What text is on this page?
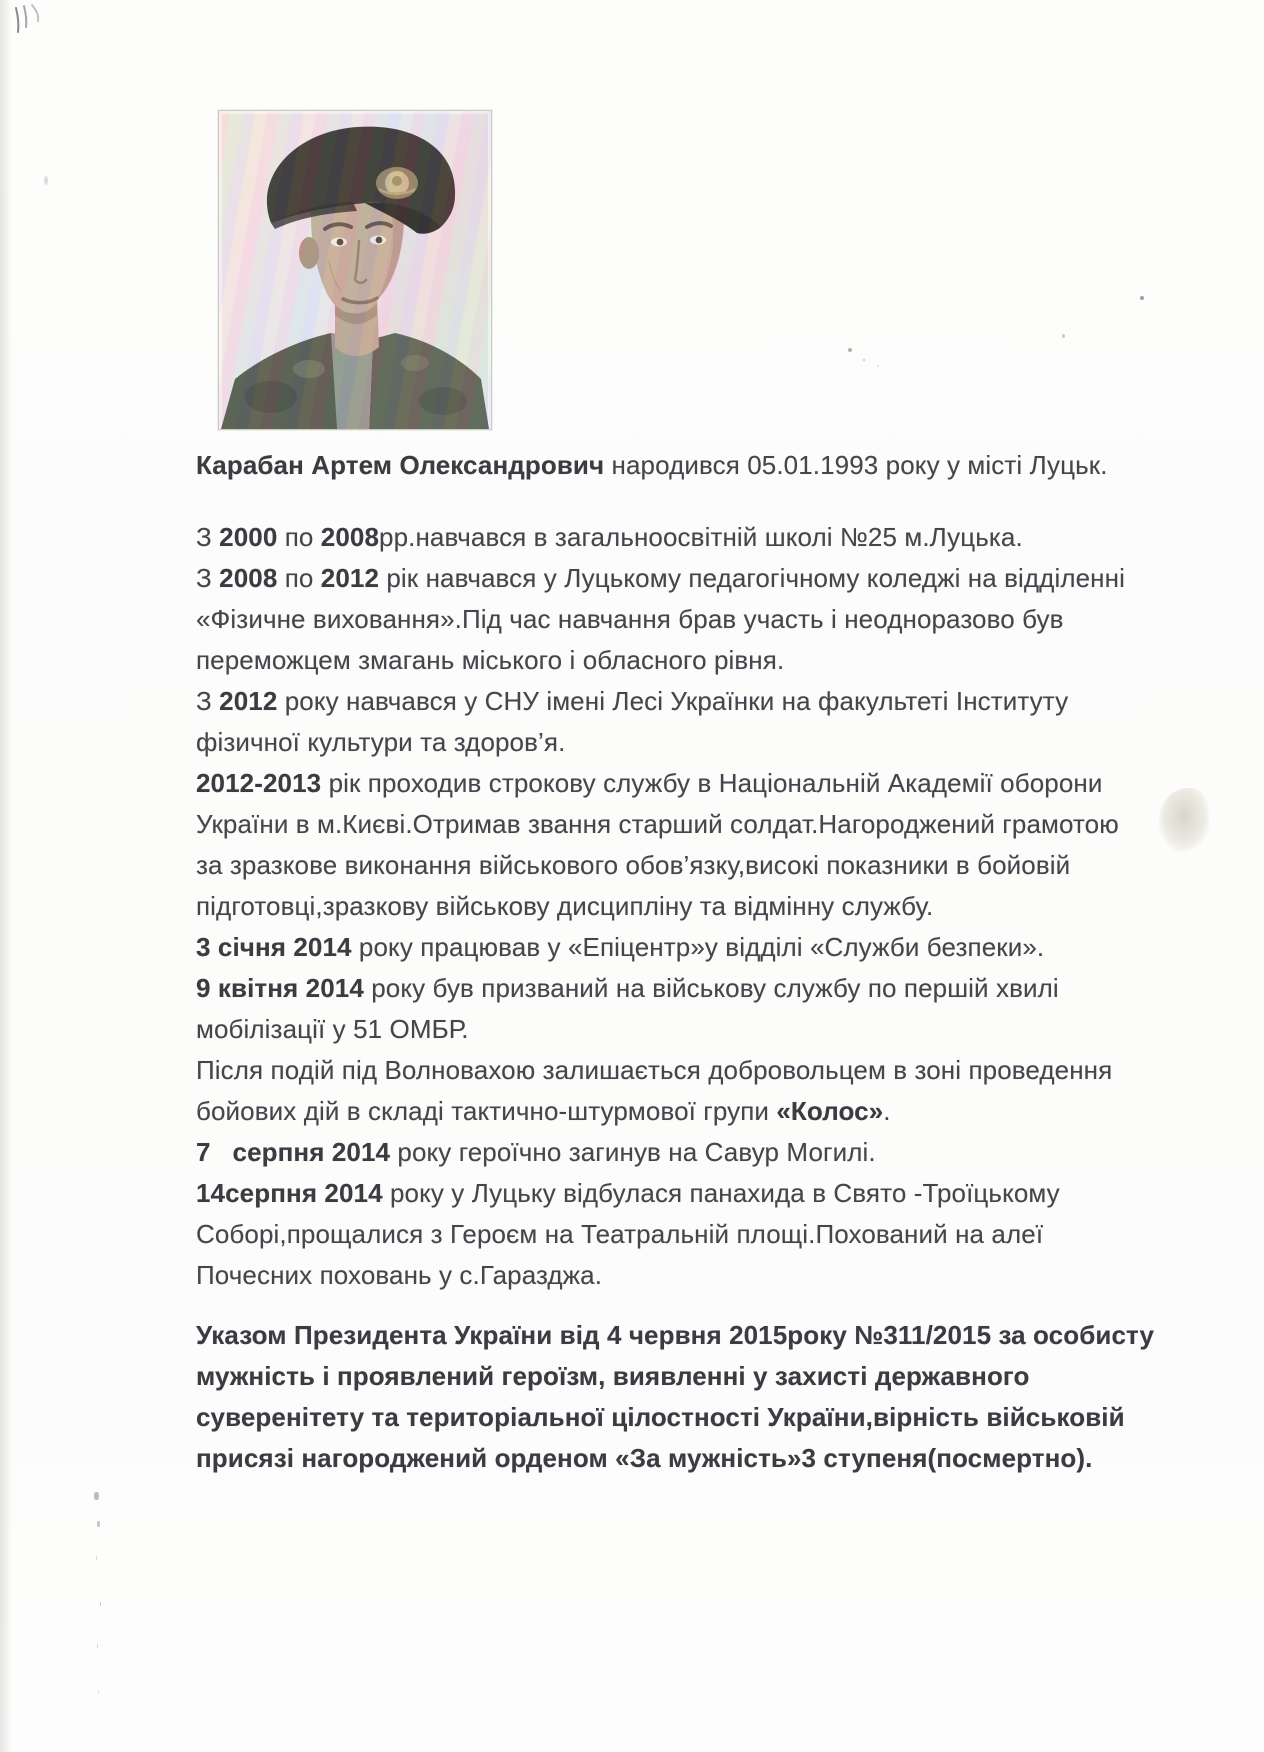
Карабан Артем Олександрович народився 05.01.1993 року у місті Луцьк.
З 2000 по 2008рр.навчався в загальноосвітній школі №25 м.Луцька.
З 2008 по 2012 рік навчався у Луцькому педагогічному коледжі на відділенні
«Фізичне виховання».Під час навчання брав участь і неодноразово був
переможцем змагань міського і обласного рівня.
З 2012 року навчався у СНУ імені Лесі Українки на факультеті Інституту
фізичної культури та здоров’я.
2012-2013 рік проходив строкову службу в Національній Академії оборони
України в м.Києві.Отримав звання старший солдат.Нагороджений грамотою
за зразкове виконання військового обов’язку,високі показники в бойовій
підготовці,зразкову військову дисципліну та відмінну службу.
3 січня 2014 року працював у «Епіцентр»у відділі «Служби безпеки».
9 квітня 2014 року був призваний на військову службу по першій хвилі
мобілізації у 51 ОМБР.
Після подій під Волновахою залишається добровольцем в зоні проведення
бойових дій в складі тактично-штурмової групи «Колос».
7   серпня 2014 року героїчно загинув на Савур Могилі.
14серпня 2014 року у Луцьку відбулася панахида в Свято -Троїцькому
Соборі,прощалися з Героєм на Театральній площі.Похований на алеї
Почесних поховань у с.Гаразджа.
Указом Президента України від 4 червня 2015року №311/2015 за особисту
мужність і проявлений героїзм, виявленні у захисті державного
суверенітету та територіальної цілостності України,вірність військовій
присязі нагороджений орденом «За мужність»3 ступеня(посмертно).
